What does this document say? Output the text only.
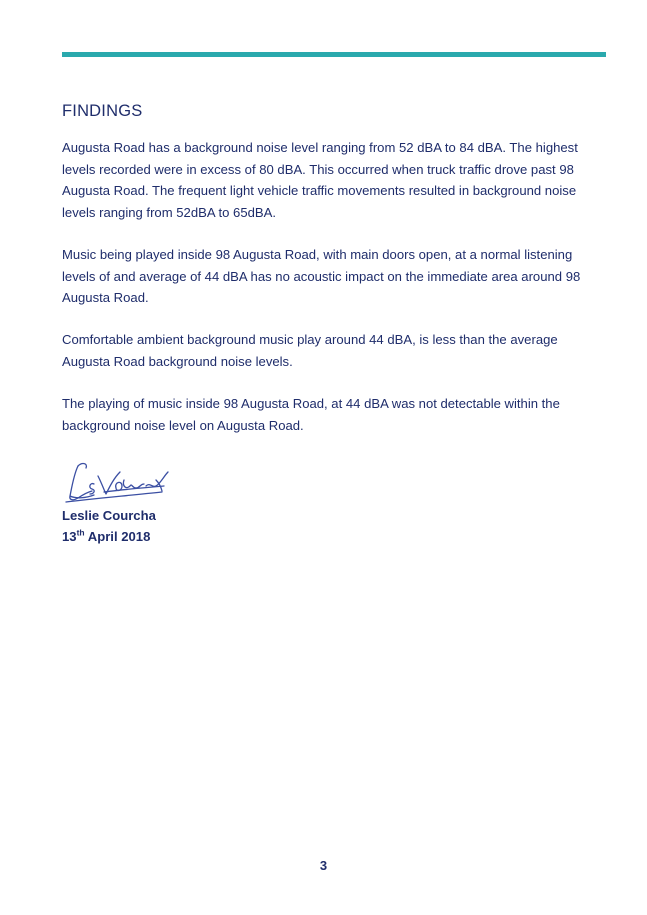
FINDINGS

Augusta Road has a background noise level ranging from 52 dBA to 84 dBA. The highest levels recorded were in excess of 80 dBA. This occurred when truck traffic drove past 98 Augusta Road. The frequent light vehicle traffic movements resulted in background noise levels ranging from 52dBA to 65dBA.

Music being played inside 98 Augusta Road, with main doors open, at a normal listening levels of and average of 44 dBA has no acoustic impact on the immediate area around 98 Augusta Road.

Comfortable ambient background music play around 44 dBA, is less than the average Augusta Road background noise levels.

The playing of music inside 98 Augusta Road, at 44 dBA was not detectable within the background noise level on Augusta Road.

Leslie Courcha

13th April 2018

3
